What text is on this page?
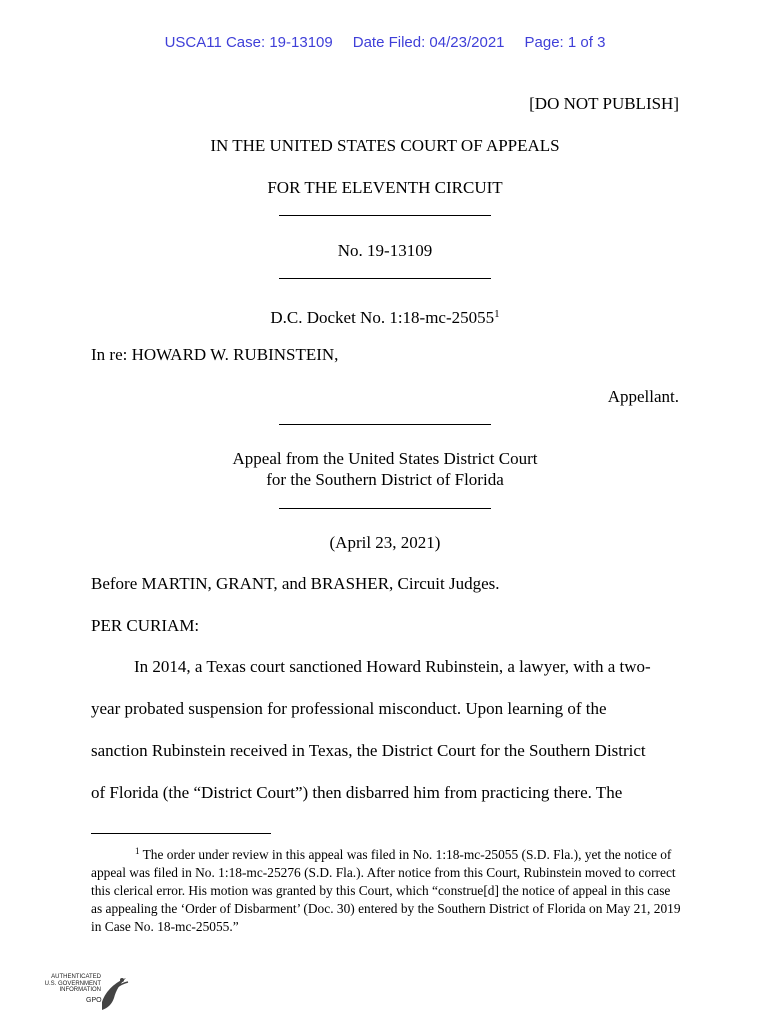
USCA11 Case: 19-13109 Date Filed: 04/23/2021 Page: 1 of 3
[DO NOT PUBLISH]
IN THE UNITED STATES COURT OF APPEALS
FOR THE ELEVENTH CIRCUIT
No. 19-13109
D.C. Docket No. 1:18-mc-25055$^1$
In re: HOWARD W. RUBINSTEIN,
Appellant.
Appeal from the United States District Court
for the Southern District of Florida
(April 23, 2021)
Before MARTIN, GRANT, and BRASHER, Circuit Judges.
PER CURIAM:
In 2014, a Texas court sanctioned Howard Rubinstein, a lawyer, with a two-
year probated suspension for professional misconduct. Upon learning of the
sanction Rubinstein received in Texas, the District Court for the Southern District
of Florida (the “District Court”) then disbarred him from practicing there. The
$^1$ The order under review in this appeal was filed in No. 1:18-mc-25055 (S.D. Fla.), yet the notice of appeal was filed in No. 1:18-mc-25276 (S.D. Fla.). After notice from this Court, Rubinstein moved to correct this clerical error. His motion was granted by this Court, which “construe[d] the notice of appeal in this case as appealing the ‘Order of Disbarment’ (Doc. 30) entered by the Southern District of Florida on May 21, 2019 in Case No. 18-mc-25055.”
AUTHENTICATED
U.S. GOVERNMENT
INFORMATION
GPO
